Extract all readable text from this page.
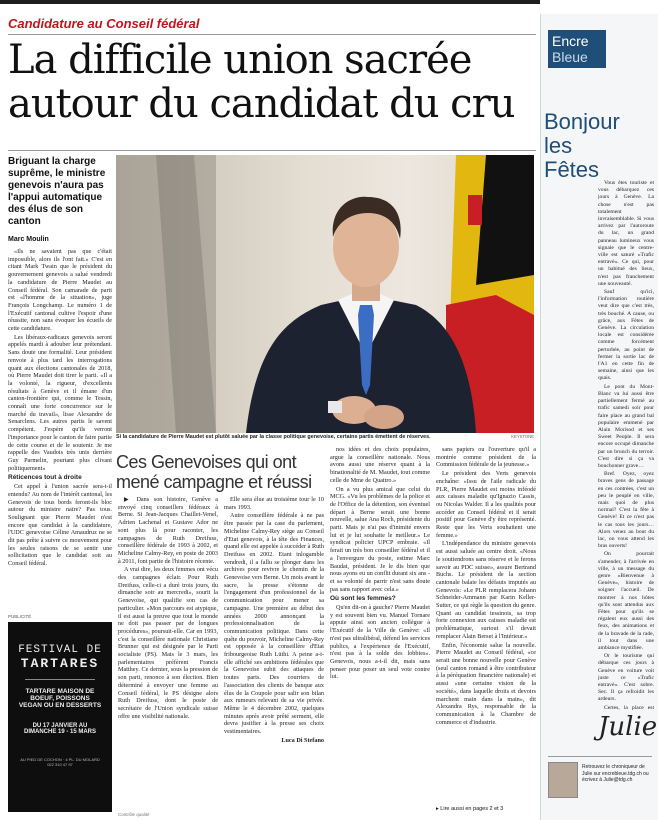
Candidature au Conseil fédéral
La difficile union sacrée
autour du candidat du cru
Briguant la charge suprême, le ministre genevois n'aura pas l'appui automatique des élus de son canton
Marc Moulin

«Ils ne savaient pas que c'était impossible, alors ils l'ont fait.» C'est en citant Mark Twain que le président du gouvernement genevois a salué vendredi la candidature de Pierre Maudet au Conseil fédéral. Son camarade de parti est «l'homme de la situation», juge François Longchamp. Le numéro 1 de l'Exécutif cantonal cultive l'espoir d'une réussite, non sans évoquer les écueils de cette candidature.

Les libéraux-radicaux genevois seront appelés mardi à adouber leur prétendant. Sans doute une formalité. Leur président renvoie à plus tard les interrogations quant aux élections cantonales de 2018, où Pierre Maudet doit tirer le parti. «Il a la volonté, la rigueur, d'excellents résultats à Genève et il émane d'un canton-frontière qui, comme le Tessin, connaît une forte concurrence sur le marché du travail», lisse Alexandre de Senarclens. Les autres partis le savent compétent. J'espère qu'ils verront l'importance pour le canton de faire partie de cette course et de le soutenir. Je me rappelle des Vaudois très unis derrière Guy Parmelin, pourtant plus clivant politiquement»

Réticences tout à droite

Cet appel à l'union sacrée sera-t-il entendu? Au nom de l'intérêt cantonal, les Genevois de tous bords feront-ils bloc autour du ministre naïre? Pas tous. Soulignant que Pierre Maudet n'est encore que candidat à la candidature, l'UDC genevoise Céline Amaudruz ne se dit pas prête à suivre ce mouvement pour les seules raisons de se sentir une sollicitation que le candidat soit au Conseil fédéral.

PUBLICITÉ
FESTIVAL DE
TARTARES
TARTARE MAISON DE
BOEUF, POISSONS
VEGAN OU EN DESSERTS
DU 17 JANVIER AU DIMANCHE 19 - 15 MARS
AU PIED DE COCHON · 4 PL. DU MOLARD
022 310 47 97
Si la candidature de Pierre Maudet est plutôt saluée par la classe politique genevoise, certains partis émettent de réserves.	KEYSTONE
Ces Genevoises qui ont mené campagne et réussi

▶ Dans son histoire, Genève a envoyé cinq conseillers fédéraux à Berne. Si Jean-Jacques Chaillet-Venel, Adrien Lachenal et Gustave Ador ne sont plus là pour raconter, les campagnes de Ruth Dreifuss, conseillère fédérale de 1993 à 2002, et Micheline Calmy-Rey, en poste de 2003 à 2011, font partie de l'histoire récente.

A vrai dire, les deux femmes ont vécu des campagnes éclair. Pour Ruth Dreifuss, celle-ci a duré trois jours, du dimanche soir au mercredi», sourit la Genevoise, qui qualifie son cas de particulier. «Mon parcours est atypique, il est aussi la preuve que tout le monde ne doit pas passer par de longues procédures», poursuit-elle. Car en 1993, c'est la conseillère nationale Christiane Brunner qui est désignée par le Parti socialiste (PS). Mais le 3 mars, les parlementaires préfèrent Francis Matthey. Ce dernier, sous la pression de son parti, renonce à son élection. Bien déterminé à envoyer une femme au Conseil fédéral, le PS désigne alors Ruth Dreifuss, dont le poste de secrétaire de l'Union syndicale suisse offre une visibilité nationale.

Elle sera élue au troisième tour le 10 mars 1993.

Autre conseillère fédérale à ne pas être passée par la case du parlement, Micheline Calmy-Rey siège au Conseil d'Etat genevois, à la tête des Finances, quand elle est appelée à succéder à Ruth Dreifuss en 2002. Etant inlogamble vendredi, il a fallu se plonger dans les archives pour revivre le chemin de la Genevoise vers Berne. Un mois avant le sacre, la presse s'étonne de l'engagement d'un professionnel de la communication pour mener sa campagne. Une première au début des années 2000 annonçant la professionnalisation de la communication politique. Dans cette quête du pouvoir, Micheline Calmy-Rey est opposée à la conseillère d'Etat fribourgeoise Ruth Lüthi. A peine a-t-elle affiché ses ambitions fédérales que la Genevoise subit des attaques de toutes parts. Des courriers de l'association des clients de banque aux élus de la Coupole pour salir son bilan aux rumeurs relevant de sa vie privée. Même le 4 décembre 2002, quelques minutes après avoir prêté serment, elle devra justifier à la presse ses choix vestimentaires.

Luca Di Stefano

nos idées et des choix populaires, argue la conseillère nationale. Nous avons aussi une réserve quant à la binationalité de M. Maudet, tout comme celle de Mme de Quattro.»

On a vu plus amical que celui du MCG. «Vu les problèmes de la police et de l'Office de la détention, son éventuel départ à Berne serait une bonne nouvelle, salue Ana Roch, présidente du parti. Mais je n'ai pas d'inimité envers lui et je lui souhaite le meilleur.» Le syndicat policier UPCP embraie. «Il ferait un très bon conseiller fédéral et il a l'envergure du poste, estime Marc Baudat, président. Je le dis bien que nous ayons eu un conflit durant six ans - et sa volonté de parrir n'est sans doute pas sans rapport avec cela.»

Où sont les femmes?

Qu'en dit-on à gauche? Pierre Maudet y est souvent bien vu. Manuel Tornare appuie ainsi son ancien collègue à l'Exécutif de la Ville de Genève: «Il n'est pas ultralibéral, défend les services publics, a l'expérience de l'Exécutif, n'est pas à la solde des lobbies». Genevois, nous a-t-il dit, mais sans penser pour poser un seul vote contre lui.

sans papiers ou l'ouverture qu'il a montrée comme président de la Commission fédérale de la jeunesse.»

Le président des Verts genevois enchaîne: «Issu de l'aile radicale du PLR, Pierre Maudet est moins inféodé aux caisses maladie qu'Ignazio Cassis, ou Nicolas Walder. Il a les qualités pour accéder au Conseil fédéral et il serait positif pour Genève d'y être représenté. Reste que les Verts souhaitent une femme.»

L'indépendance du ministre genevois est aussi saluée au centre droit. «Nous le soutiendrons sans réserve et le ferons savoir au PDC suisse», assure Bertrand Buchs. Le président de la section cantonale balaie les défauts imputés au Genevois: «Le PLR remplacera Johann Schneider-Ammann par Karin Keller-Sutter, ce qui règle la question du genre. Quant au candidat tessinois, sa trop forte connexion aux caisses maladie est problématique, surtout s'il devait remplacer Alain Berset à l'Intérieur.»

Enfin, l'économie salue la nouvelle. Pierre Maudet au Conseil fédéral, «ce serait une bonne nouvelle pour Genève (seul canton romand à être contributeur à la péréquation financière nationale) et aussi «une certaine vision de la société», dans laquelle droits et devoirs marchent main dans la main», dit Alexandra Rys, responsable de la communication à la Chambre de commerce et d'industrie.

▸ Lire aussi en pages 2 et 3
Contrôle qualité
Encre
Bleue
Bonjour
les
Fêtes

Vous êtes touriste et vous débarquez ces jours à Genève. La chose n'est pas totalement invraisemblable. Si vous arrivez par l'autoroute du lac, un grand panneau lumineux vous signale que le centre-ville est saturé «Trafic entravé». Ce qui, pour un habitué des lieux, n'est pas franchement une nouveauté.

Sauf qu'ici, l'information routière veut dire que c'est très, très bouché. A cause, ou grâce, aux Fêtes de Genève. La circulation locale est considérée comme forcément perturbée, au point de fermer la sortie lac de l'A1 en cette fin de semaine, ainsi que les quais.

Le pont du Mont-Blanc va lui aussi être partiellement fermé au trafic samedi soir pour faire place au grand bal populaire emmené par Alain Morisod et ses Sweet People. Il sera encore occupé dimanche par un brunch du terroir. C'est dire si ça va bouchonner grave…

Bref. Oyez, oyez braves gens de passage en ces contrées, c'est un peu le peuplé en ville, mais quoi de plus normal? C'est la fête à Genève! Et ce n'est pas le cas tous les jours… Alors venez au bout du lac, on vous attend les bras ouverts!

On pourrait s'amender, à l'arrivée en ville, à un message du genre «Bienvenue à Genève», histoire de soigner l'accueil. De montrer à nos hôtes qu'ils sont attendus aux Fêtes pour qu'ils se régalent eux aussi des feux, des animations et de la bravade de la rade, il tout dans une ambiance mystifiée.

Or le tourisme qui débarque ces jours à Genève en voiture voit juste ce «Trafic entravé». C'est sobre. Sec. Il ça refroidit les ardeurs.

Certes, la place est

Julie
Retrouvez le chroniqueur de Julie sur encrebleue.tdg.ch ou écrivez à Julie@tdg.ch
